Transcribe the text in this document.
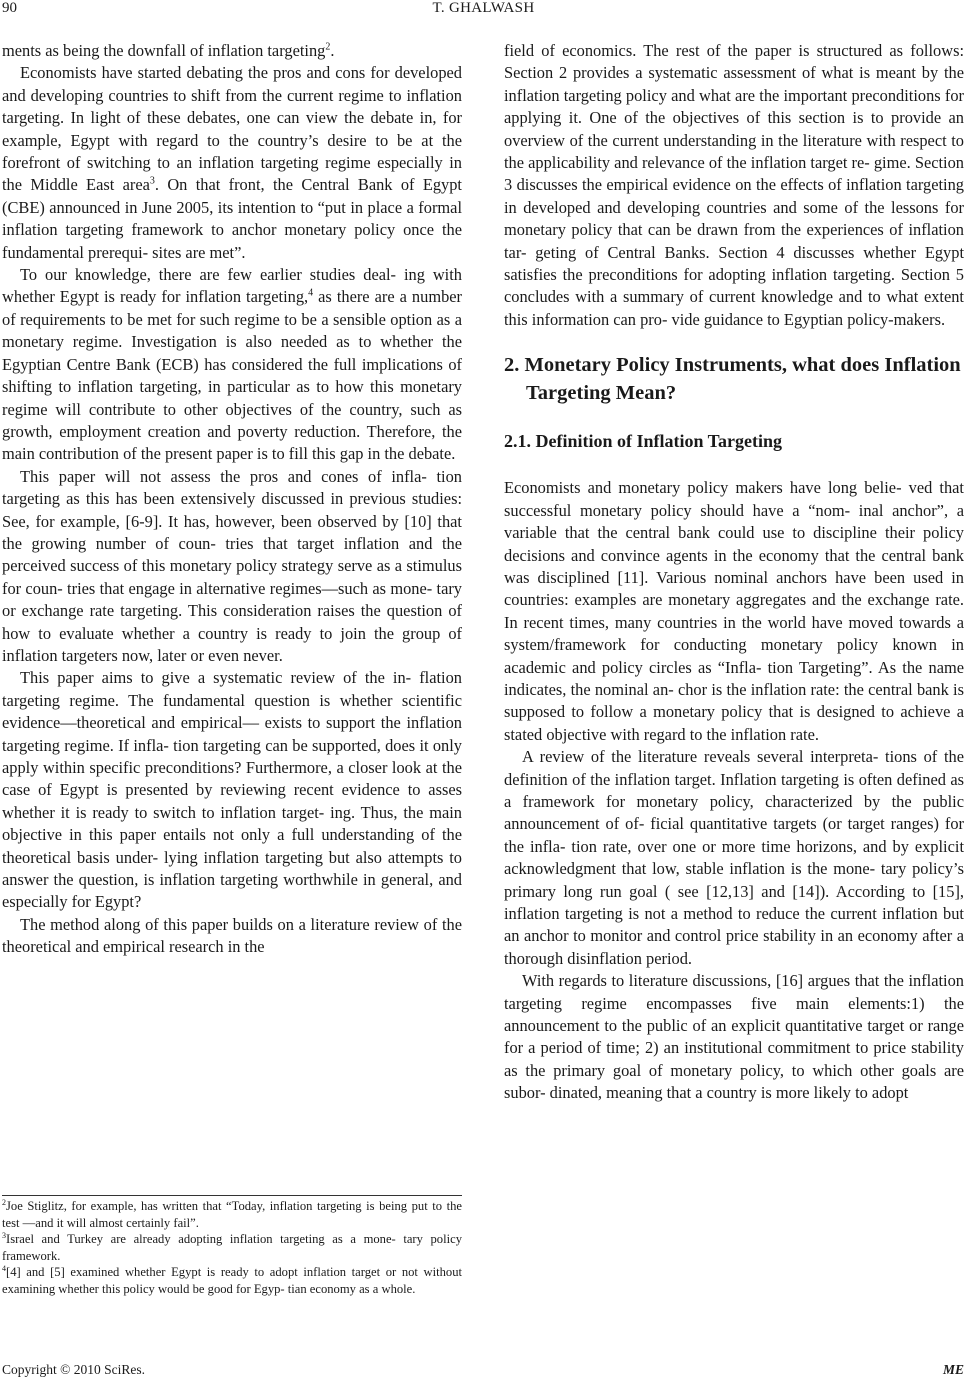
90	T. GHALWASH

ments as being the downfall of inflation targeting$^2$.

Economists have started debating the pros and cons for developed and developing countries to shift from the current regime to inflation targeting. In light of these debates, one can view the debate in, for example, Egypt with regard to the country’s desire to be at the forefront of switching to an inflation targeting regime especially in the Middle East area$^3$. On that front, the Central Bank of Egypt (CBE) announced in June 2005, its intention to “put in place a formal inflation targeting framework to anchor monetary policy once the fundamental prerequi- sites are met”.

To our knowledge, there are few earlier studies deal- ing with whether Egypt is ready for inflation targeting,$^4$ as there are a number of requirements to be met for such regime to be a sensible option as a monetary regime. Investigation is also needed as to whether the Egyptian Centre Bank (ECB) has considered the full implications of shifting to inflation targeting, in particular as to how this monetary regime will contribute to other objectives of the country, such as growth, employment creation and poverty reduction. Therefore, the main contribution of the present paper is to fill this gap in the debate.

This paper will not assess the pros and cones of infla- tion targeting as this has been extensively discussed in previous studies: See, for example, [6-9]. It has, however, been observed by [10] that the growing number of coun- tries that target inflation and the perceived success of this monetary policy strategy serve as a stimulus for coun- tries that engage in alternative regimes—such as mone- tary or exchange rate targeting. This consideration raises the question of how to evaluate whether a country is ready to join the group of inflation targeters now, later or even never.

This paper aims to give a systematic review of the in- flation targeting regime. The fundamental question is whether scientific evidence—theoretical and empirical— exists to support the inflation targeting regime. If infla- tion targeting can be supported, does it only apply within specific preconditions? Furthermore, a closer look at the case of Egypt is presented by reviewing recent evidence to asses whether it is ready to switch to inflation target- ing. Thus, the main objective in this paper entails not only a full understanding of the theoretical basis under- lying inflation targeting but also attempts to answer the question, is inflation targeting worthwhile in general, and especially for Egypt?

The method along of this paper builds on a literature review of the theoretical and empirical research in the

$^2$Joe Stiglitz, for example, has written that “Today, inflation targeting is being put to the test —and it will almost certainly fail”.

$^3$Israel and Turkey are already adopting inflation targeting as a mone- tary policy framework.

$^4$[4] and [5] examined whether Egypt is ready to adopt inflation target or not without examining whether this policy would be good for Egyp- tian economy as a whole.

field of economics. The rest of the paper is structured as follows: Section 2 provides a systematic assessment of what is meant by the inflation targeting policy and what are the important preconditions for applying it. One of the objectives of this section is to provide an overview of the current understanding in the literature with respect to the applicability and relevance of the inflation target re- gime. Section 3 discusses the empirical evidence on the effects of inflation targeting in developed and developing countries and some of the lessons for monetary policy that can be drawn from the experiences of inflation tar- geting of Central Banks. Section 4 discusses whether Egypt satisfies the preconditions for adopting inflation targeting. Section 5 concludes with a summary of current knowledge and to what extent this information can pro- vide guidance to Egyptian policy-makers.

2. Monetary Policy Instruments, what does Inflation Targeting Mean?
2.1. Definition of Inflation Targeting

Economists and monetary policy makers have long belie- ved that successful monetary policy should have a “nom- inal anchor”, a variable that the central bank could use to discipline their policy decisions and convince agents in the economy that the central bank was disciplined [11]. Various nominal anchors have been used in countries: examples are monetary aggregates and the exchange rate. In recent times, many countries in the world have moved towards a system/framework for conducting monetary policy known in academic and policy circles as “Infla- tion Targeting”. As the name indicates, the nominal an- chor is the inflation rate: the central bank is supposed to follow a monetary policy that is designed to achieve a stated objective with regard to the inflation rate.

A review of the literature reveals several interpreta- tions of the definition of the inflation target. Inflation targeting is often defined as a framework for monetary policy, characterized by the public announcement of of- ficial quantitative targets (or target ranges) for the infla- tion rate, over one or more time horizons, and by explicit acknowledgment that low, stable inflation is the mone- tary policy’s primary long run goal ( see [12,13] and [14]). According to [15], inflation targeting is not a method to reduce the current inflation but an anchor to monitor and control price stability in an economy after a thorough disinflation period.

With regards to literature discussions, [16] argues that the inflation targeting regime encompasses five main elements:1) the announcement to the public of an explicit quantitative target or range for a period of time; 2) an institutional commitment to price stability as the primary goal of monetary policy, to which other goals are subor- dinated, meaning that a country is more likely to adopt

Copyright © 2010 SciRes.	ME
